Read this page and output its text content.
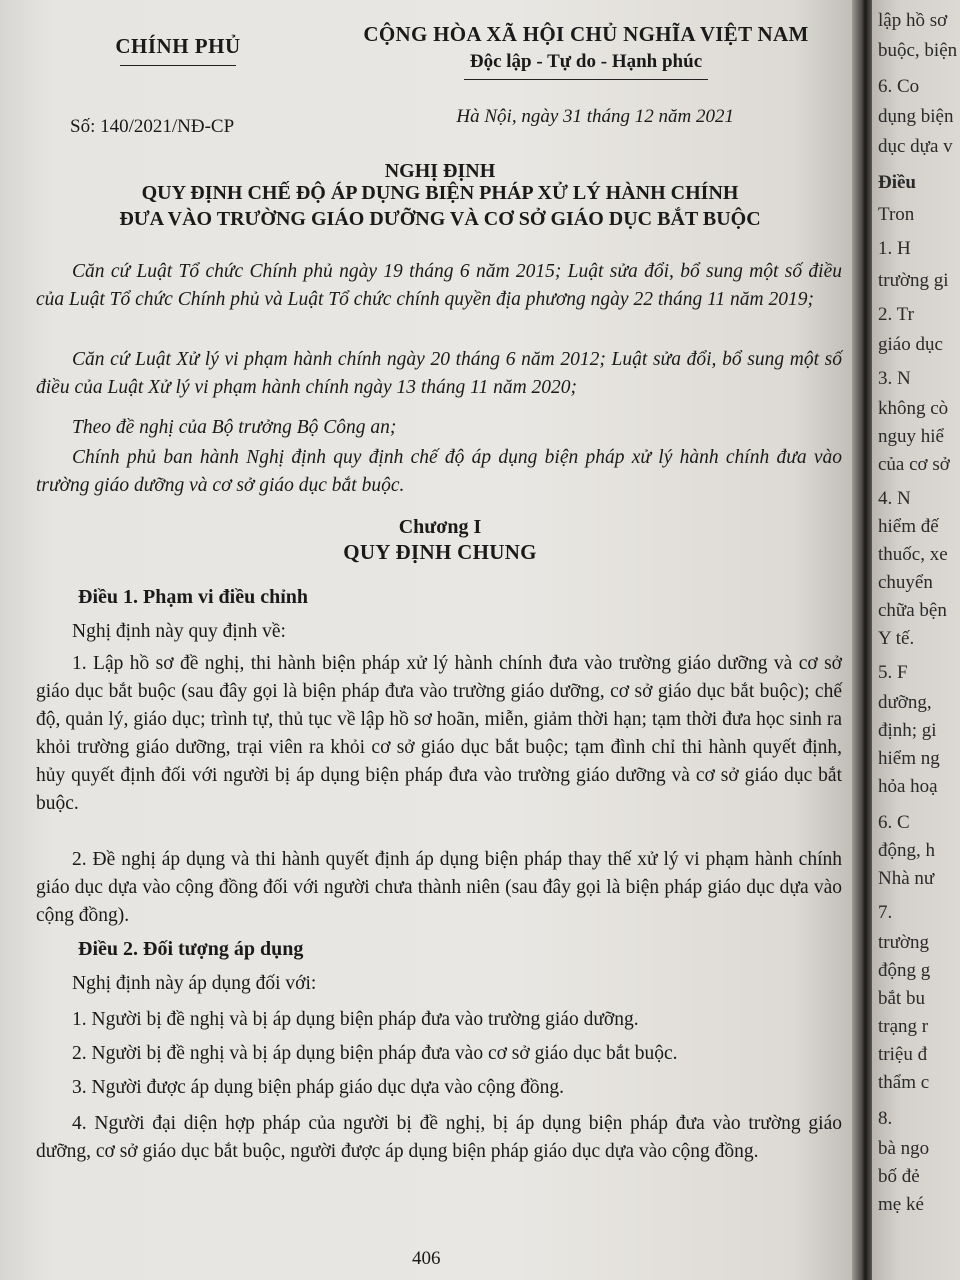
CHÍNH PHỦ	CỘNG HÒA XÃ HỘI CHỦ NGHĨA VIỆT NAM
Độc lập - Tự do - Hạnh phúc
Số: 140/2021/NĐ-CP	Hà Nội, ngày 31 tháng 12 năm 2021
NGHỊ ĐỊNH
QUY ĐỊNH CHẾ ĐỘ ÁP DỤNG BIỆN PHÁP XỬ LÝ HÀNH CHÍNH
ĐƯA VÀO TRƯỜNG GIÁO DƯỠNG VÀ CƠ SỞ GIÁO DỤC BẮT BUỘC
Căn cứ Luật Tổ chức Chính phủ ngày 19 tháng 6 năm 2015; Luật sửa đổi, bổ sung một số điều của Luật Tổ chức Chính phủ và Luật Tổ chức chính quyền địa phương ngày 22 tháng 11 năm 2019;
Căn cứ Luật Xử lý vi phạm hành chính ngày 20 tháng 6 năm 2012; Luật sửa đổi, bổ sung một số điều của Luật Xử lý vi phạm hành chính ngày 13 tháng 11 năm 2020;
Theo đề nghị của Bộ trưởng Bộ Công an;
Chính phủ ban hành Nghị định quy định chế độ áp dụng biện pháp xử lý hành chính đưa vào trường giáo dưỡng và cơ sở giáo dục bắt buộc.
Chương I
QUY ĐỊNH CHUNG
Điều 1. Phạm vi điều chỉnh
Nghị định này quy định về:
1. Lập hồ sơ đề nghị, thi hành biện pháp xử lý hành chính đưa vào trường giáo dưỡng và cơ sở giáo dục bắt buộc (sau đây gọi là biện pháp đưa vào trường giáo dưỡng, cơ sở giáo dục bắt buộc); chế độ, quản lý, giáo dục; trình tự, thủ tục về lập hồ sơ hoãn, miễn, giảm thời hạn; tạm thời đưa học sinh ra khỏi trường giáo dưỡng, trại viên ra khỏi cơ sở giáo dục bắt buộc; tạm đình chỉ thi hành quyết định, hủy quyết định đối với người bị áp dụng biện pháp đưa vào trường giáo dưỡng và cơ sở giáo dục bắt buộc.
2. Đề nghị áp dụng và thi hành quyết định áp dụng biện pháp thay thế xử lý vi phạm hành chính giáo dục dựa vào cộng đồng đối với người chưa thành niên (sau đây gọi là biện pháp giáo dục dựa vào cộng đồng).
Điều 2. Đối tượng áp dụng
Nghị định này áp dụng đối với:
1. Người bị đề nghị và bị áp dụng biện pháp đưa vào trường giáo dưỡng.
2. Người bị đề nghị và bị áp dụng biện pháp đưa vào cơ sở giáo dục bắt buộc.
3. Người được áp dụng biện pháp giáo dục dựa vào cộng đồng.
4. Người đại diện hợp pháp của người bị đề nghị, bị áp dụng biện pháp đưa vào trường giáo dưỡng, cơ sở giáo dục bắt buộc, người được áp dụng biện pháp giáo dục dựa vào cộng đồng.
406
lập hồ sơ
buộc, biện
6. Co
dụng biện
dục dựa v
Điều
Tron
1. H
trường gi
2. Tr
giáo dục
3. N
không cò
nguy hiể
của cơ sở
4. N
hiểm đế
thuốc, xe
chuyển
chữa bện
Y tế.
5. F
dưỡng,
định; gi
hiểm ng
hỏa hoạ
6. C
động, h
Nhà nư
7.
trường
động g
bắt bu
trạng r
triệu đ
thẩm c
8.
bà ngo
bố đẻ
mẹ ké
